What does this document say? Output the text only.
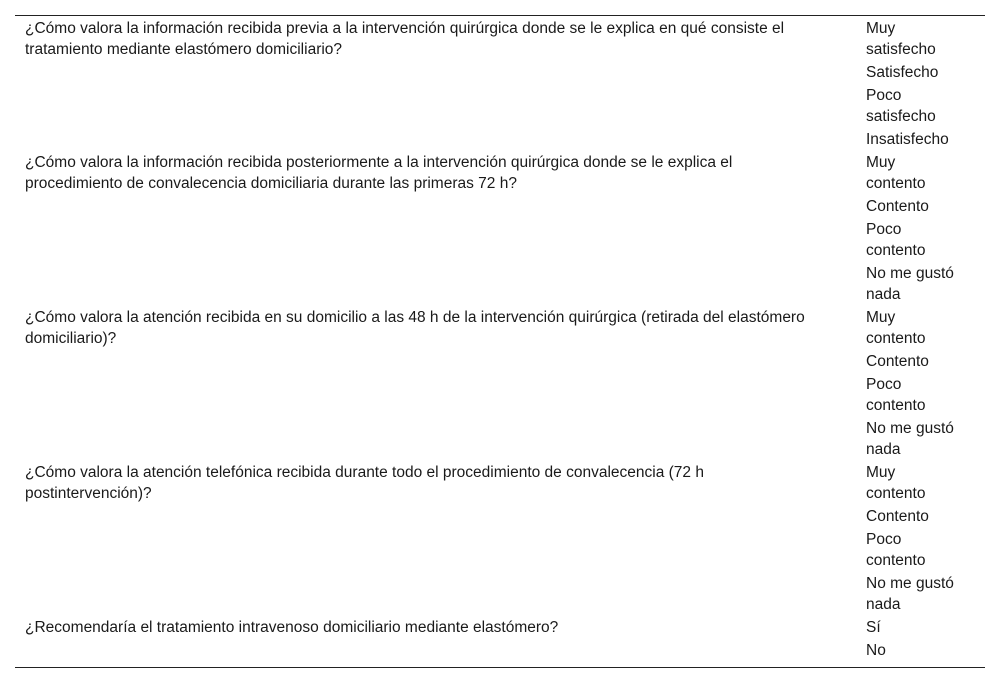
¿Cómo valora la información recibida previa a la intervención quirúrgica donde se le explica en qué consiste el tratamiento mediante elastómero domiciliario?
Muy satisfecho
Satisfecho
Poco satisfecho
Insatisfecho
¿Cómo valora la información recibida posteriormente a la intervención quirúrgica donde se le explica el procedimiento de convalecencia domiciliaria durante las primeras 72 h?
Muy contento
Contento
Poco contento
No me gustó nada
¿Cómo valora la atención recibida en su domicilio a las 48 h de la intervención quirúrgica (retirada del elastómero domiciliario)?
Muy contento
Contento
Poco contento
No me gustó nada
¿Cómo valora la atención telefónica recibida durante todo el procedimiento de convalecencia (72 h postintervención)?
Muy contento
Contento
Poco contento
No me gustó nada
¿Recomendaría el tratamiento intravenoso domiciliario mediante elastómero?	Sí
No
